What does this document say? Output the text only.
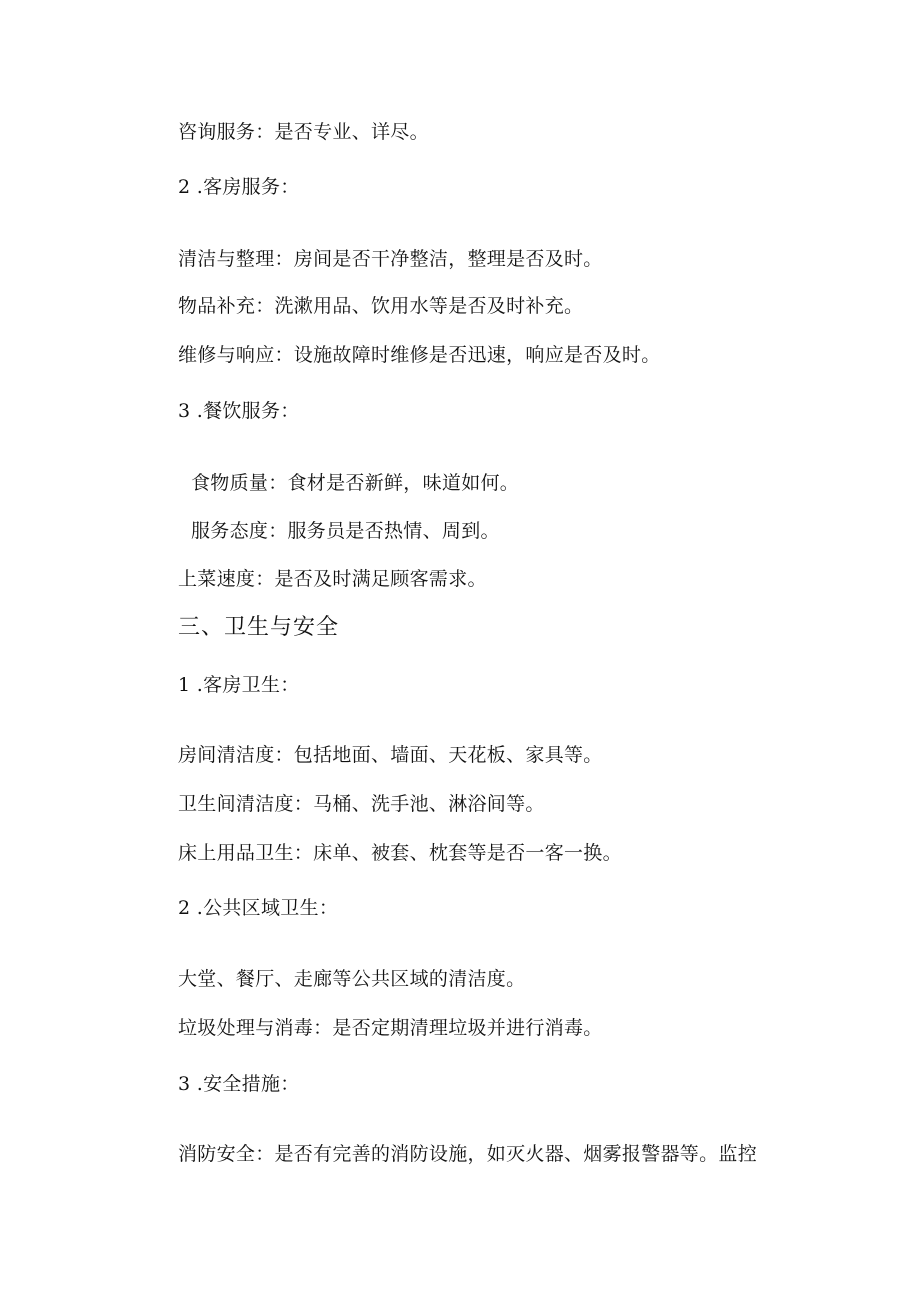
咨询服务：是否专业、详尽。
2 .客房服务：
清洁与整理：房间是否干净整洁，整理是否及时。
物品补充：洗漱用品、饮用水等是否及时补充。
维修与响应：设施故障时维修是否迅速，响应是否及时。
3 .餐饮服务：
食物质量：食材是否新鲜，味道如何。
服务态度：服务员是否热情、周到。
上菜速度：是否及时满足顾客需求。
三、卫生与安全
1 .客房卫生：
房间清洁度：包括地面、墙面、天花板、家具等。
卫生间清洁度：马桶、洗手池、淋浴间等。
床上用品卫生：床单、被套、枕套等是否一客一换。
2 .公共区域卫生：
大堂、餐厅、走廊等公共区域的清洁度。
垃圾处理与消毒：是否定期清理垃圾并进行消毒。
3 .安全措施：
消防安全：是否有完善的消防设施，如灭火器、烟雾报警器等。监控
